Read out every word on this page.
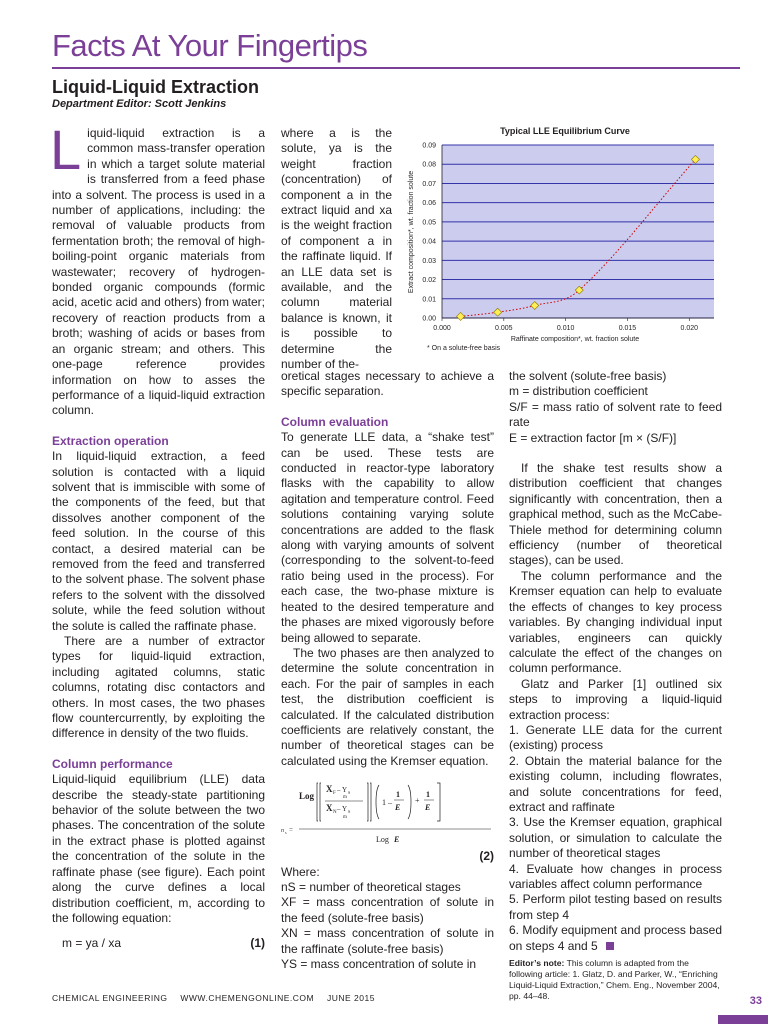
Facts At Your Fingertips
Liquid-Liquid Extraction
Department Editor: Scott Jenkins

Liquid-liquid extraction is a common mass-transfer operation in which a target solute material is transferred from a feed phase into a solvent. The process is used in a number of applications, including: the removal of valuable products from fermentation broth; the removal of high-boiling-point organic materials from wastewater; recovery of hydrogen-bonded organic compounds (formic acid, acetic acid and others) from water; recovery of reaction products from a broth; washing of acids or bases from an organic stream; and others. This one-page reference provides information on how to asses the performance of a liquid-liquid extraction column.

Extraction operation

In liquid-liquid extraction, a feed solution is contacted with a liquid solvent that is immiscible with some of the components of the feed, but that dissolves another component of the feed solution. In the course of this contact, a desired material can be removed from the feed and transferred to the solvent phase. The solvent phase refers to the solvent with the dissolved solute, while the feed solution without the solute is called the raffinate phase.

There are a number of extractor types for liquid-liquid extraction, including agitated columns, static columns, rotating disc contactors and others. In most cases, the two phases flow countercurrently, by exploiting the difference in density of the two fluids.

Column performance

Liquid-liquid equilibrium (LLE) data describe the steady-state partitioning behavior of the solute between the two phases. The concentration of the solute in the extract phase is plotted against the concentration of the solute in the raffinate phase (see figure). Each point along the curve defines a local distribution coefficient, m, according to the following equation:

m = ya / xa	(1)

where a is the solute, ya is the weight fraction (concentration) of component a in the extract liquid and xa is the weight fraction of component a in the raffinate liquid. If an LLE data set is available, and the column material balance is known, it is possible to determine the number of the-

Typical LLE Equilibrium Curve
0.00
0.01
0.02
0.03
0.04
0.05
0.06
0.07
0.08
0.09
0.000	0.005	0.010	0.015	0.020
Raffinate composition*, wt. fraction solute
Extract composition*, wt. fraction solute
* On a solute-free basis

oretical stages necessary to achieve a specific separation.

Column evaluation

To generate LLE data, a “shake test” can be used. These tests are conducted in reactor-type laboratory flasks with the capability to allow agitation and temperature control. Feed solutions containing varying solute concentrations are added to the flask along with varying amounts of solvent (corresponding to the solvent-to-feed ratio being used in the process). For each case, the two-phase mixture is heated to the desired temperature and the phases are mixed vigorously before being allowed to separate.

The two phases are then analyzed to determine the solute concentration in each. For the pair of samples in each test, the distribution coefficient is calculated. If the calculated distribution coefficients are relatively constant, the number of theoretical stages can be calculated using the Kremser equation.

n s =
Log
X F – Y S
m
X N – Y S
m
1 –
1
E
+
1
E
Log E
(2)

Where:

nS = number of theoretical stages

XF = mass concentration of solute in the feed (solute-free basis)

XN = mass concentration of solute in the raffinate (solute-free basis)

YS = mass concentration of solute in

the solvent (solute-free basis)

m = distribution coefficient

S/F = mass ratio of solvent rate to feed rate

E = extraction factor [m × (S/F)]

If the shake test results show a distribution coefficient that changes significantly with concentration, then a graphical method, such as the McCabe-Thiele method for determining column efficiency (number of theoretical stages), can be used.

The column performance and the Kremser equation can help to evaluate the effects of changes to key process variables. By changing individual input variables, engineers can quickly calculate the effect of the changes on column performance.

Glatz and Parker [1] outlined six steps to improving a liquid-liquid extraction process:

1. Generate LLE data for the current (existing) process

2. Obtain the material balance for the existing column, including flowrates, and solute concentrations for feed, extract and raffinate

3. Use the Kremser equation, graphical solution, or simulation to calculate the number of theoretical stages

4. Evaluate how changes in process variables affect column performance

5. Perform pilot testing based on results from step 4

6. Modify equipment and process based on steps 4 and 5

Editor’s note: This column is adapted from the following article: 1. Glatz, D. and Parker, W., “Enriching Liquid-Liquid Extraction,” Chem. Eng., November 2004, pp. 44–48.

CHEMICAL ENGINEERING WWW.CHEMENGONLINE.COM JUNE 2015	33
